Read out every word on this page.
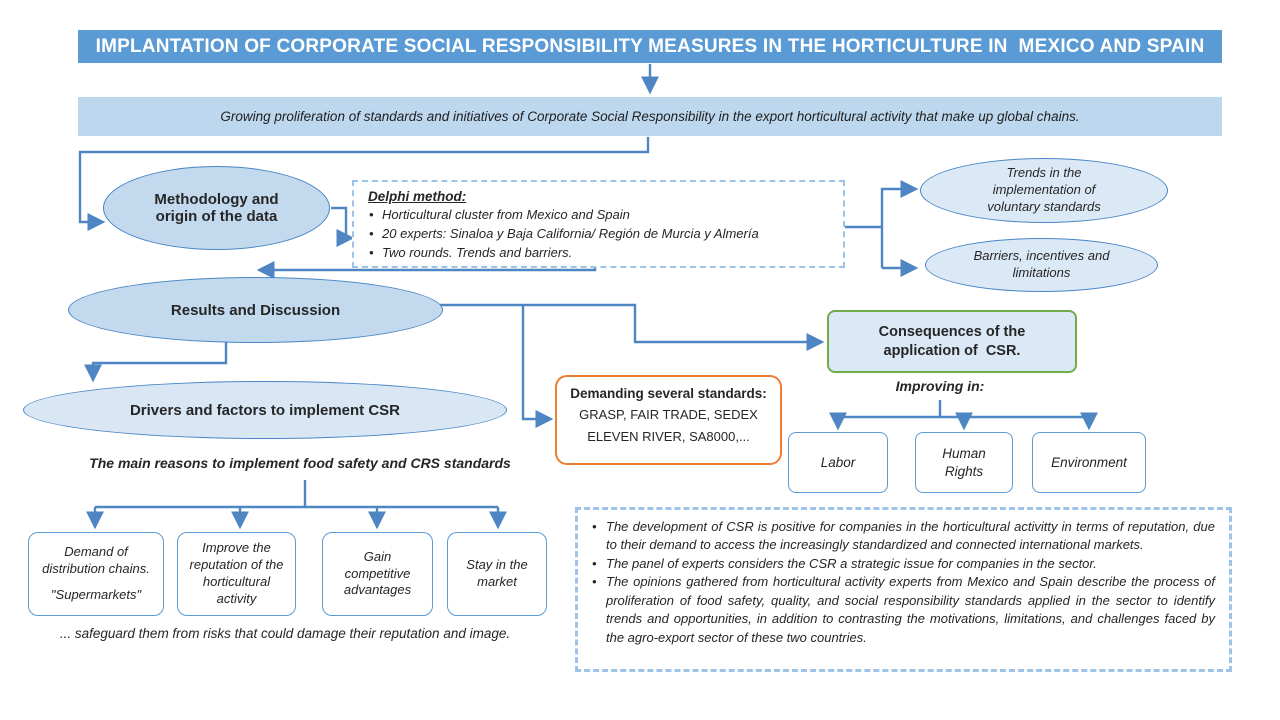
IMPLANTATION OF CORPORATE SOCIAL RESPONSIBILITY MEASURES IN THE HORTICULTURE IN  MEXICO AND SPAIN
Growing proliferation of standards and initiatives of Corporate Social Responsibility in the export horticultural activity that make up global chains.
Methodology and origin of the data
Delphi method:
• Horticultural cluster from Mexico and Spain
• 20 experts: Sinaloa y Baja California/ Región de Murcia y Almería
• Two rounds. Trends and barriers.
Trends in the implementation of voluntary standards
Barriers, incentives and limitations
Results and Discussion
Consequences of the application of  CSR.
Improving in:
Labor
Human Rights
Environment
Demanding several standards:
GRASP, FAIR TRADE, SEDEX
ELEVEN RIVER, SA8000,...
Drivers and factors to implement CSR
The main reasons to implement food safety and CRS standards
Demand of distribution chains.
"Supermarkets"
Improve the reputation of the horticultural activity
Gain competitive advantages
Stay in the market
... safeguard them from risks that could damage their reputation and image.
• The development of CSR is positive for companies in the horticultural activitty in terms of reputation, due to their demand to access the increasingly standardized and connected international markets.
• The panel of experts considers the CSR a strategic issue for companies in the sector.
• The opinions gathered from horticultural activity experts from Mexico and Spain describe the process of proliferation of food safety, quality, and social responsibility standards applied in the sector to identify trends and opportunities, in addition to contrasting the motivations, limitations, and challenges faced by the agro-export sector of these two countries.
